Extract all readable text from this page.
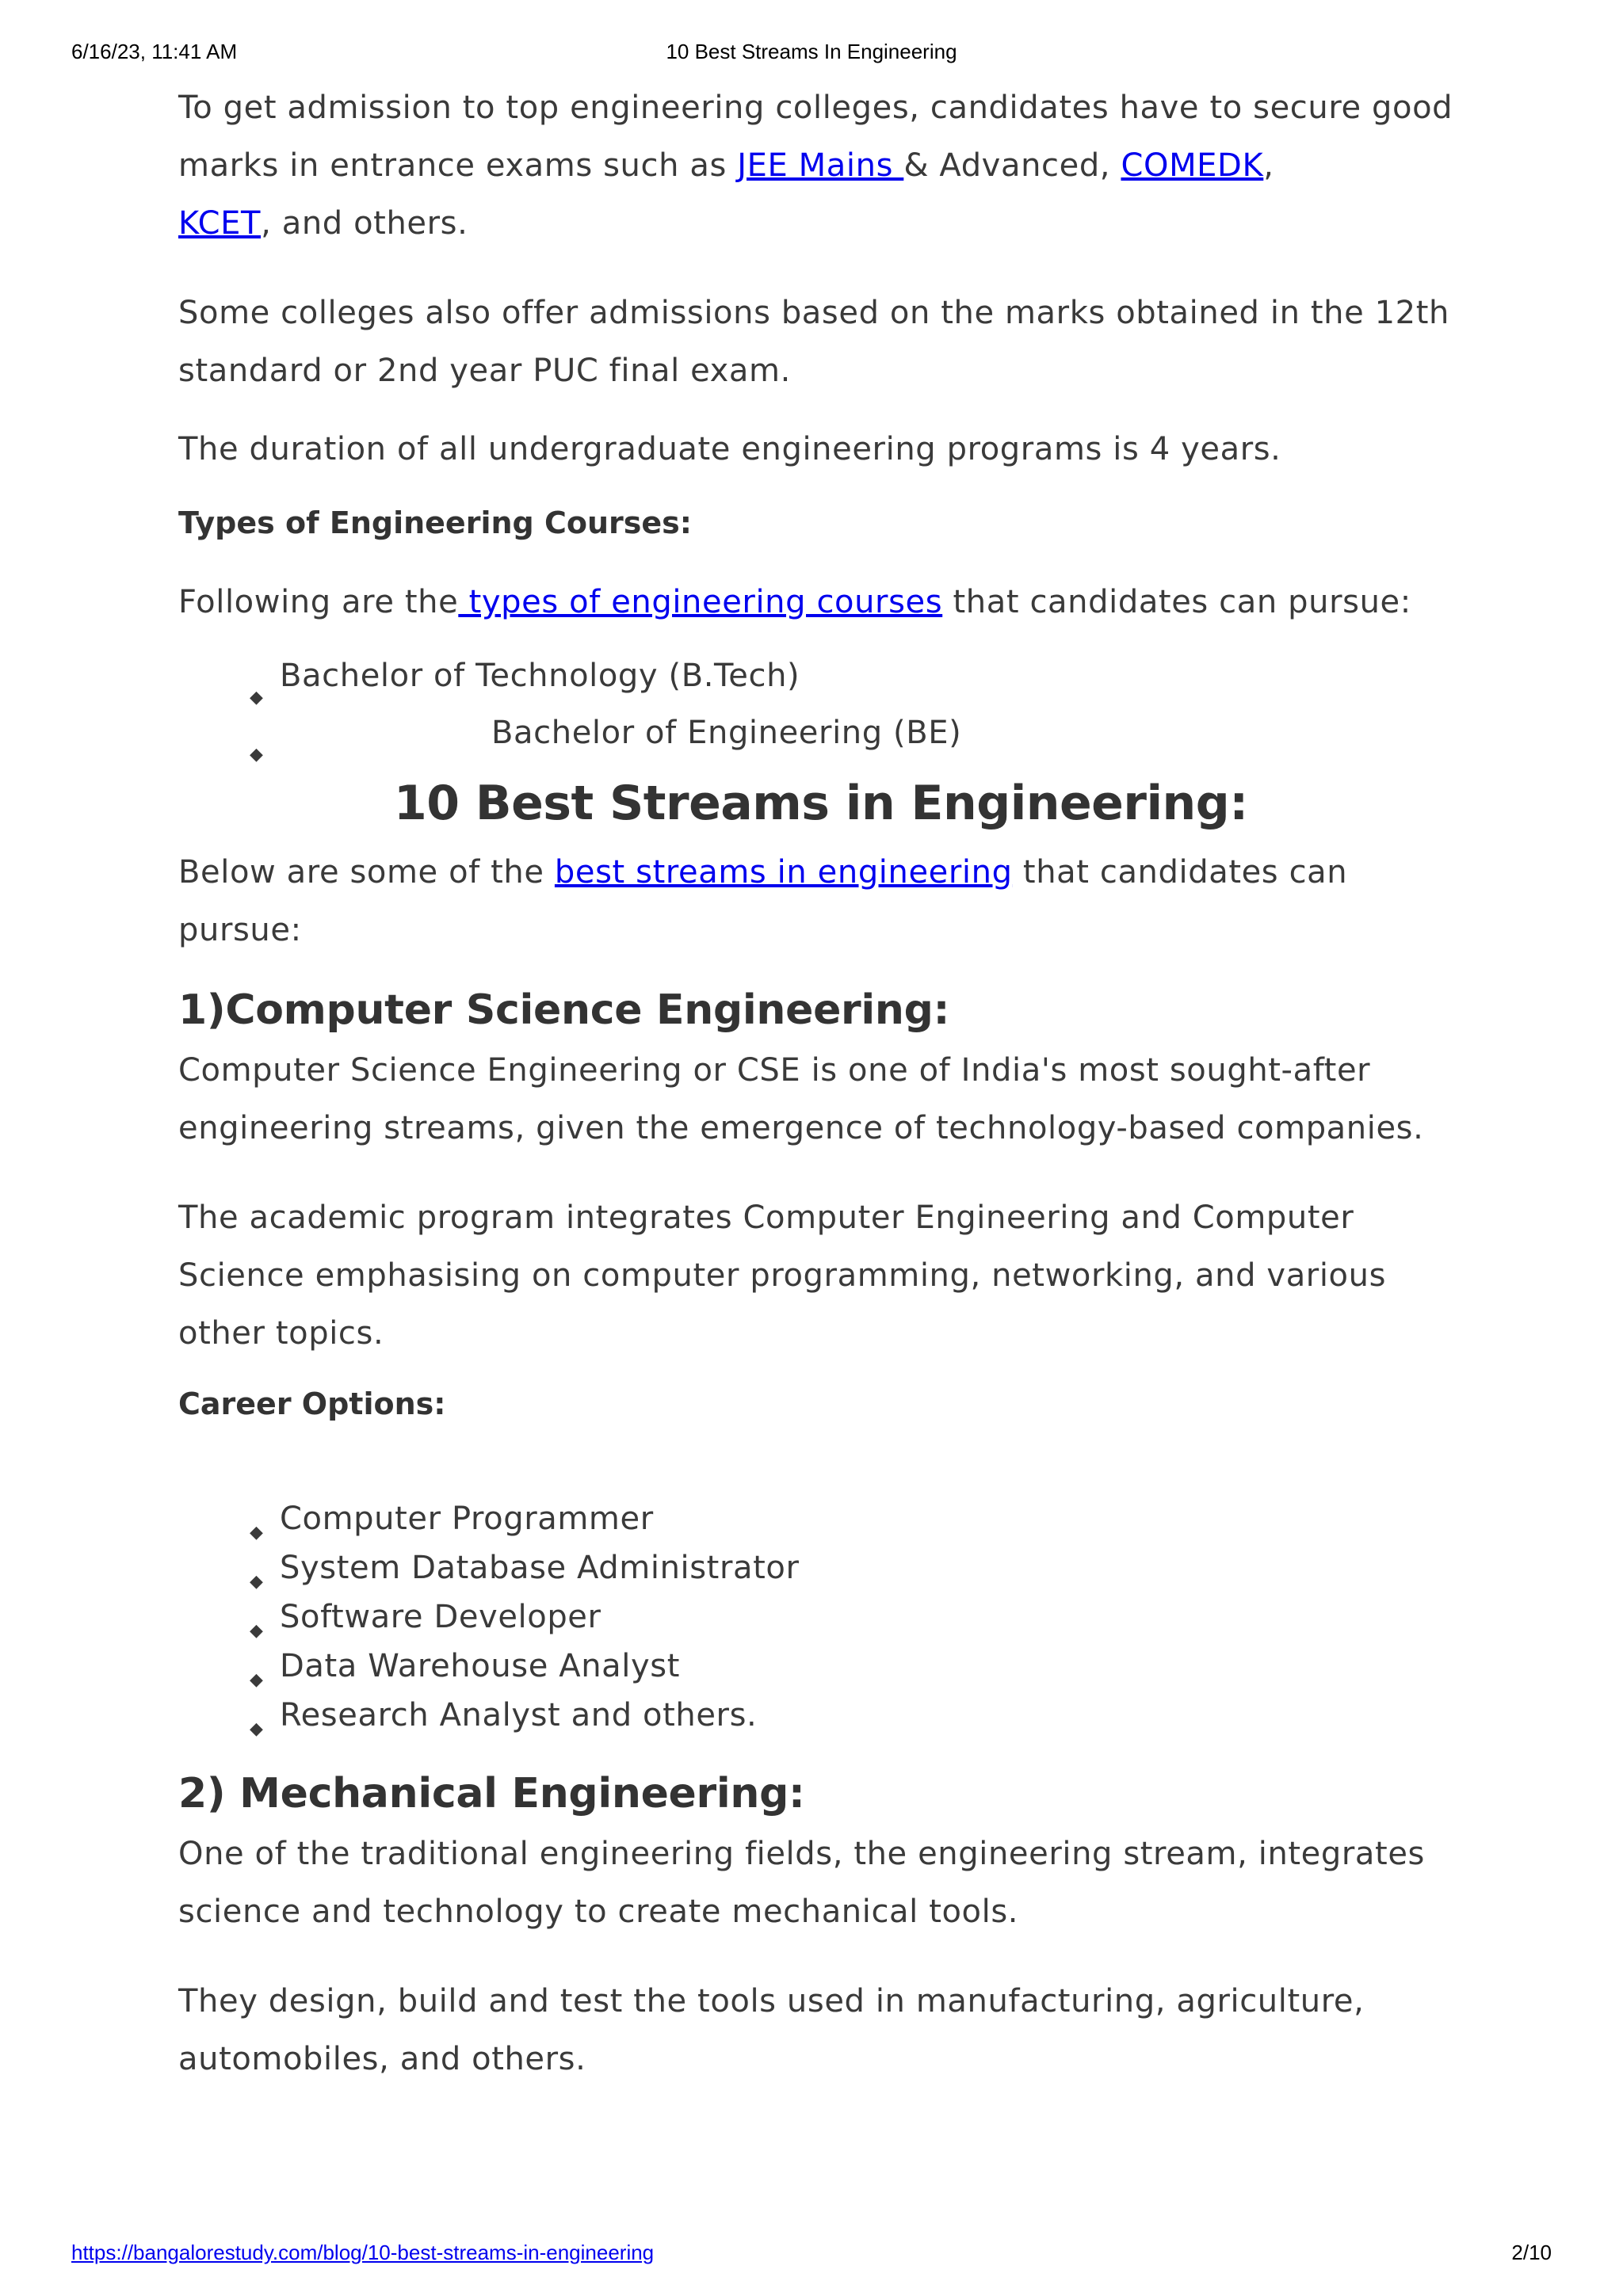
6/16/23, 11:41 AM	10 Best Streams In Engineering

To get admission to top engineering colleges, candidates have to secure good marks in entrance exams such as JEE Mains & Advanced, COMEDK,
KCET, and others.

Some colleges also offer admissions based on the marks obtained in the 12th standard or 2nd year PUC final exam.

The duration of all undergraduate engineering programs is 4 years.

Types of Engineering Courses:

Following are the types of engineering courses that candidates can pursue:

◆
Bachelor of Technology (B.Tech)
◆
Bachelor of Engineering (BE)
10 Best Streams in Engineering:

Below are some of the best streams in engineering that candidates can pursue:

1)Computer Science Engineering:

Computer Science Engineering or CSE is one of India's most sought-after engineering streams, given the emergence of technology-based companies.

The academic program integrates Computer Engineering and Computer Science emphasising on computer programming, networking, and various other topics.

Career Options:
◆ Computer Programmer
◆ System Database Administrator
◆ Software Developer
◆ Data Warehouse Analyst
◆ Research Analyst and others.
2) Mechanical Engineering:

One of the traditional engineering fields, the engineering stream, integrates science and technology to create mechanical tools.

They design, build and test the tools used in manufacturing, agriculture, automobiles, and others.

https://bangalorestudy.com/blog/10-best-streams-in-engineering	2/10
